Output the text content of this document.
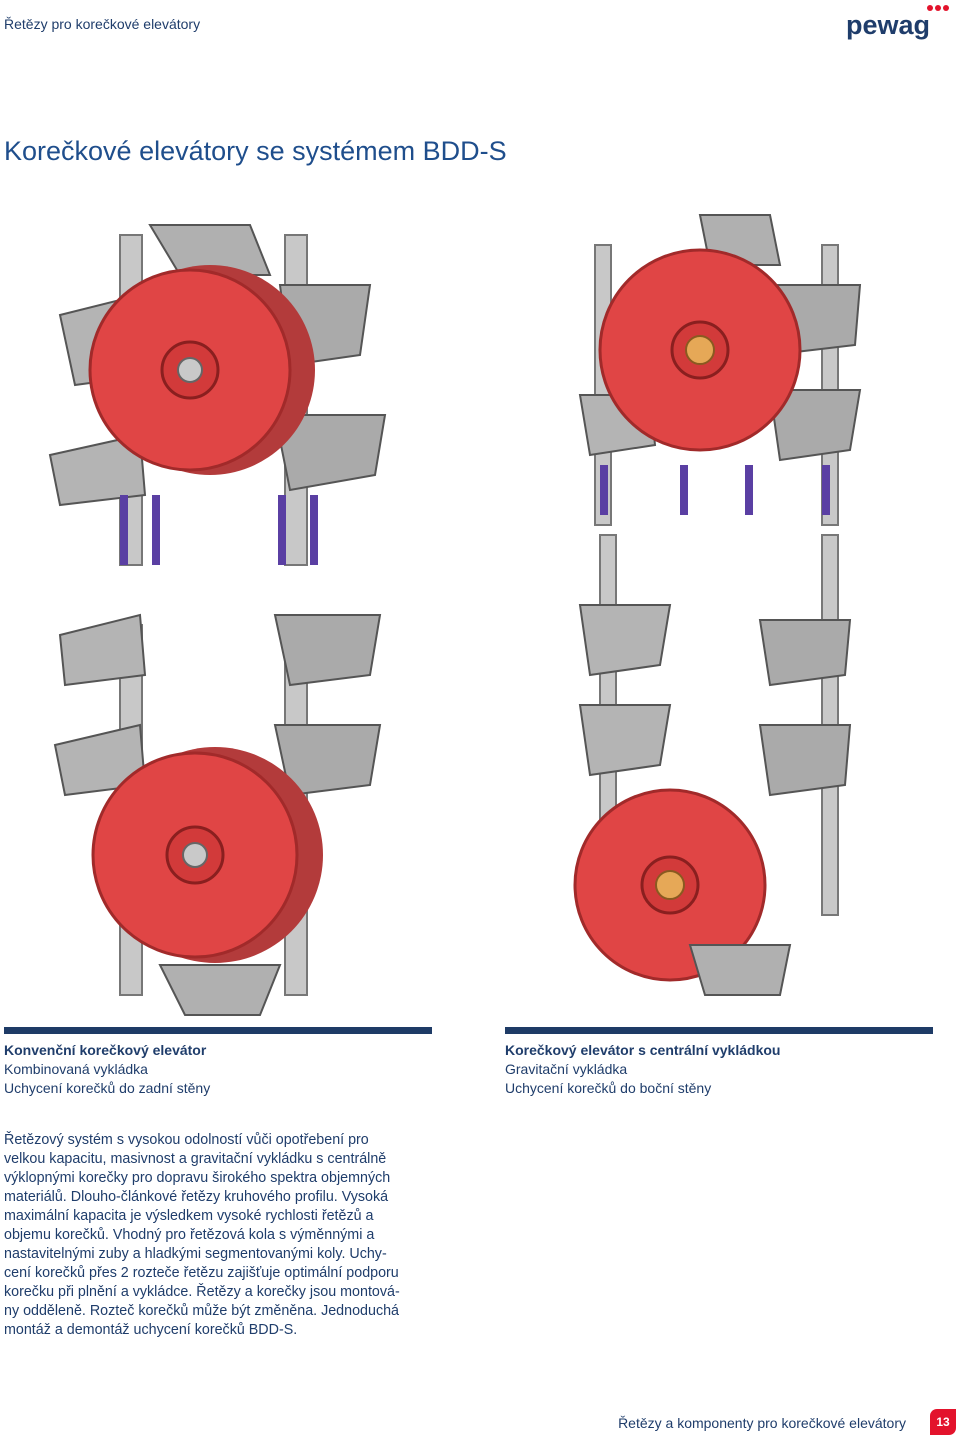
Řetězy pro korečkové elevátory	pewag
Korečkové elevátory se systémem BDD-S
Konvenční korečkový elevátor
Kombinovaná vykládka
Uchycení korečků do zadní stěny
Korečkový elevátor s centrální vykládkou
Gravitační vykládka
Uchycení korečků do boční stěny
Řetězový systém s vysokou odolností vůči opotřebení pro
velkou kapacitu, masivnost a gravitační vykládku s centrálně
výklopnými korečky pro dopravu širokého spektra objemných
materiálů. Dlouho-článkové řetězy kruhového profilu. Vysoká
maximální kapacita je výsledkem vysoké rychlosti řetězů a
objemu korečků. Vhodný pro řetězová kola s výměnnými a
nastavitelnými zuby a hladkými segmentovanými koly. Uchy-
cení korečků přes 2 rozteče řetězu zajišťuje optimální podporu
korečku při plnění a vykládce. Řetězy a korečky jsou montová-
ny odděleně. Rozteč korečků může být změněna. Jednoduchá
montáž a demontáž uchycení korečků BDD-S.
Řetězy a komponenty pro korečkové elevátory	13
